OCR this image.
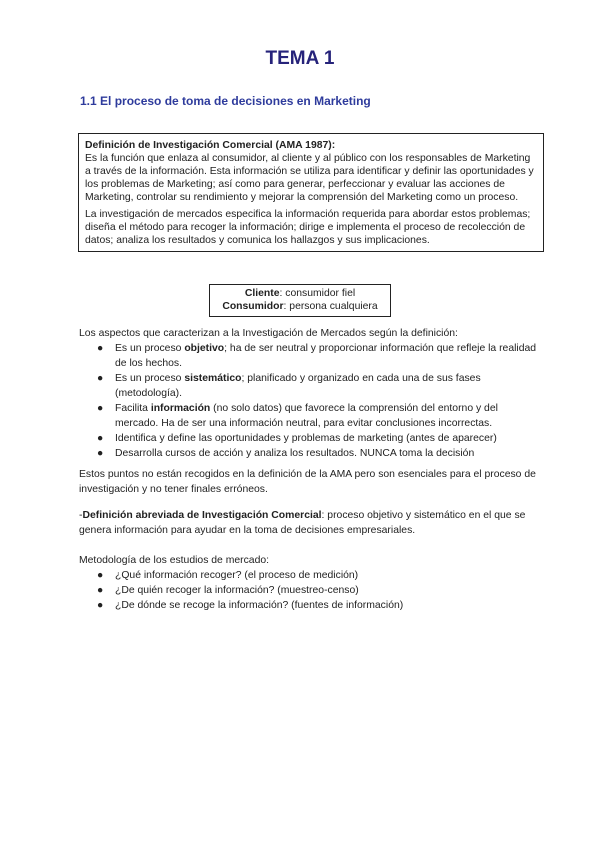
TEMA 1
1.1 El proceso de toma de decisiones en Marketing
Definición de Investigación Comercial (AMA 1987):

Es la función que enlaza al consumidor, al cliente y al público con los responsables de Marketing a través de la información. Esta información se utiliza para identificar y definir las oportunidades y los problemas de Marketing; así como para generar, perfeccionar y evaluar las acciones de Marketing, controlar su rendimiento y mejorar la comprensión del Marketing como un proceso.

La investigación de mercados especifica la información requerida para abordar estos problemas; diseña el método para recoger la información; dirige e implementa el proceso de recolección de datos; analiza los resultados y comunica los hallazgos y sus implicaciones.

Cliente: consumidor fiel
Consumidor: persona cualquiera
Los aspectos que caracterizan a la Investigación de Mercados según la definición:
● Es un proceso objetivo; ha de ser neutral y proporcionar información que refleje la realidad de los hechos.
● Es un proceso sistemático; planificado y organizado en cada una de sus fases (metodología).
● Facilita información (no solo datos) que favorece la comprensión del entorno y del mercado. Ha de ser una información neutral, para evitar conclusiones incorrectas.
● Identifica y define las oportunidades y problemas de marketing (antes de aparecer)
● Desarrolla cursos de acción y analiza los resultados. NUNCA toma la decisión
Estos puntos no están recogidos en la definición de la AMA pero son esenciales para el proceso de investigación y no tener finales erróneos.
-Definición abreviada de Investigación Comercial: proceso objetivo y sistemático en el que se genera información para ayudar en la toma de decisiones empresariales.
Metodología de los estudios de mercado:
● ¿Qué información recoger? (el proceso de medición)
● ¿De quién recoger la información? (muestreo-censo)
● ¿De dónde se recoge la información? (fuentes de información)
